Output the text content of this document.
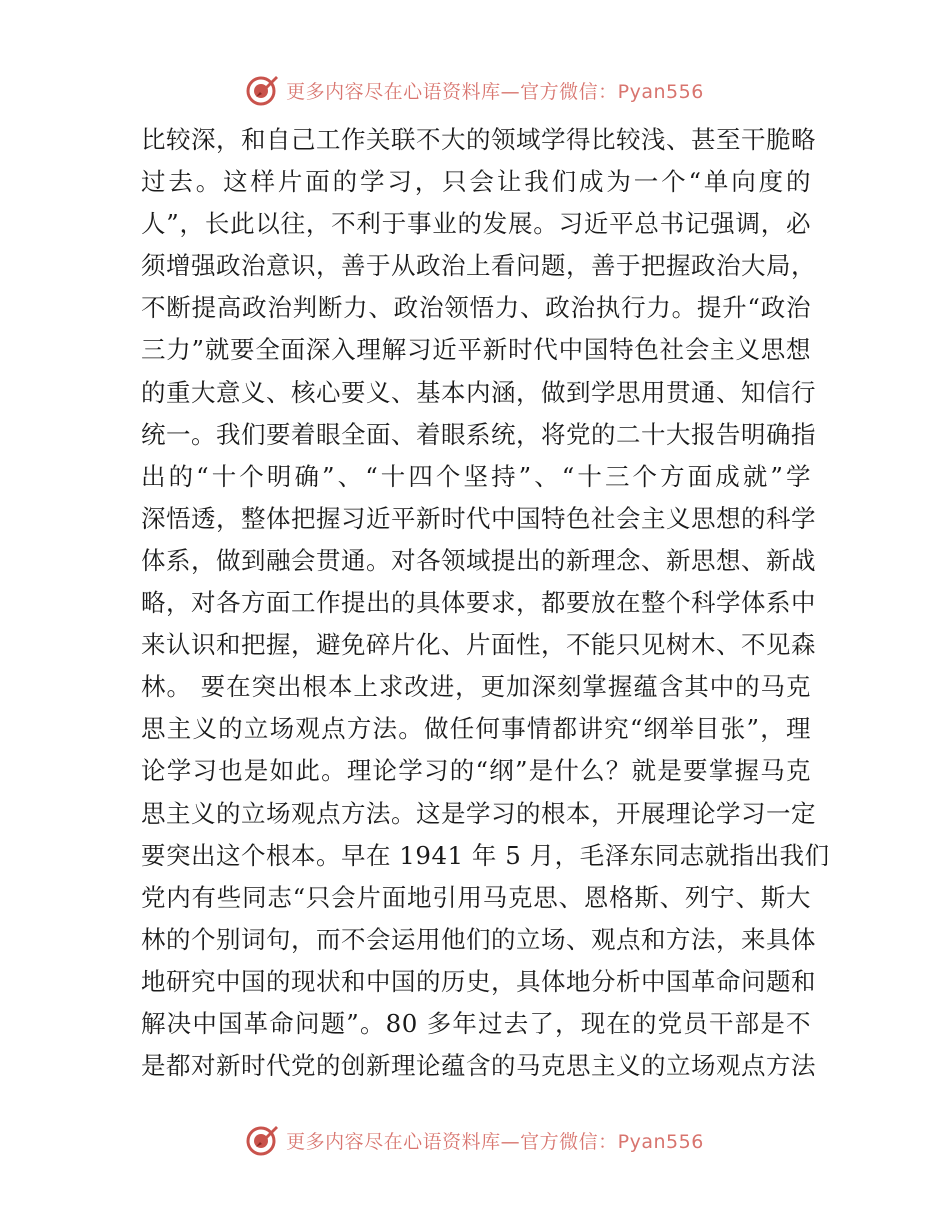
更多内容尽在心语资料库—官方微信：Pyan556
比较深，和自己工作关联不大的领域学得比较浅、甚至干脆略
过去。这样片面的学习，只会让我们成为一个“单向度的
人”，长此以往，不利于事业的发展。习近平总书记强调，必
须增强政治意识，善于从政治上看问题，善于把握政治大局，
不断提高政治判断力、政治领悟力、政治执行力。提升“政治
三力”就要全面深入理解习近平新时代中国特色社会主义思想
的重大意义、核心要义、基本内涵，做到学思用贯通、知信行
统一。我们要着眼全面、着眼系统，将党的二十大报告明确指
出的“十个明确”、“十四个坚持”、“十三个方面成就”学
深悟透，整体把握习近平新时代中国特色社会主义思想的科学
体系，做到融会贯通。对各领域提出的新理念、新思想、新战
略，对各方面工作提出的具体要求，都要放在整个科学体系中
来认识和把握，避免碎片化、片面性，不能只见树木、不见森
林。 要在突出根本上求改进，更加深刻掌握蕴含其中的马克
思主义的立场观点方法。做任何事情都讲究“纲举目张”，理
论学习也是如此。理论学习的“纲”是什么？就是要掌握马克
思主义的立场观点方法。这是学习的根本，开展理论学习一定
要突出这个根本。早在 1941 年 5 月，毛泽东同志就指出我们
党内有些同志“只会片面地引用马克思、恩格斯、列宁、斯大
林的个别词句，而不会运用他们的立场、观点和方法，来具体
地研究中国的现状和中国的历史，具体地分析中国革命问题和
解决中国革命问题”。80 多年过去了，现在的党员干部是不
是都对新时代党的创新理论蕴含的马克思主义的立场观点方法
更多内容尽在心语资料库—官方微信：Pyan556
